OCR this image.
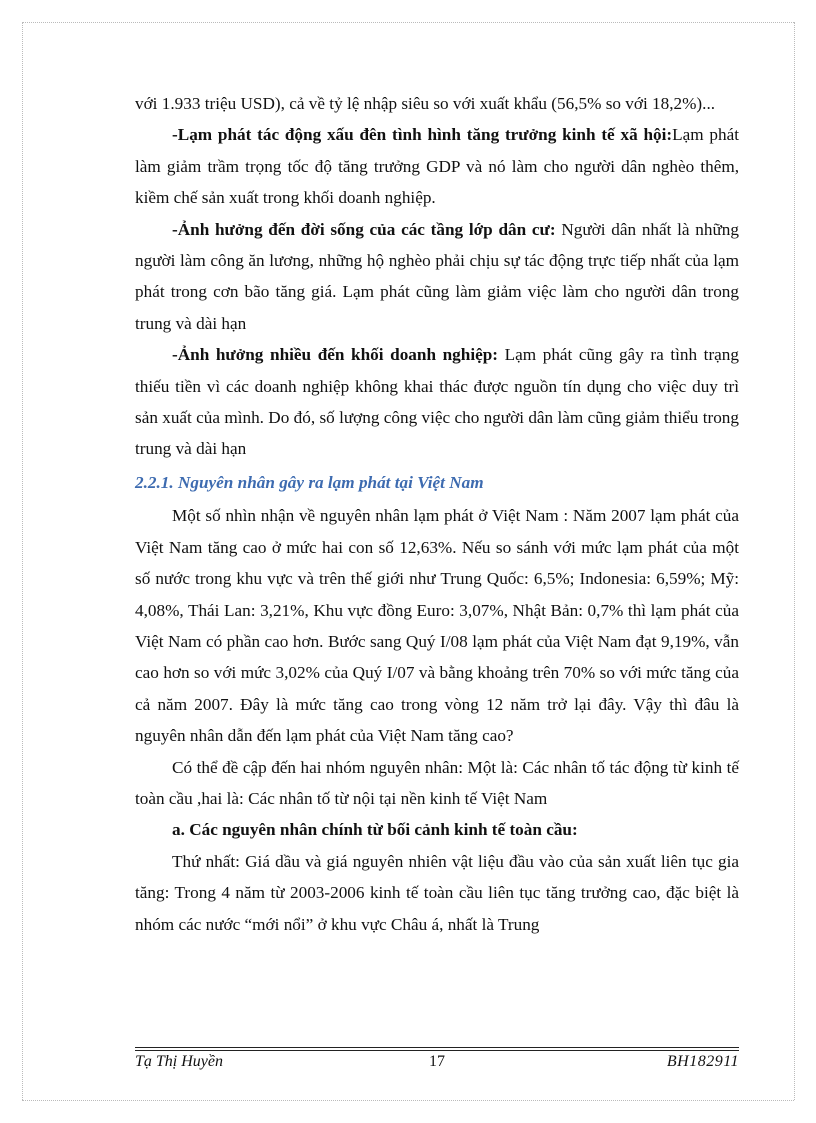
với 1.933 triệu USD), cả về tỷ lệ nhập siêu so với xuất khẩu (56,5% so với 18,2%)...

-Lạm phát tác động xấu đên tình hình tăng trưởng kinh tế xã hội:Lạm phát làm giảm trầm trọng tốc độ tăng trưởng GDP và nó làm cho người dân nghèo thêm, kiềm chế sản xuất trong khối doanh nghiệp.

-Ảnh hưởng đến đời sống của các tầng lớp dân cư: Người dân nhất là những người làm công ăn lương, những hộ nghèo phải chịu sự tác động trực tiếp nhất của lạm phát trong cơn bão tăng giá. Lạm phát cũng làm giảm việc làm cho người dân trong trung và dài hạn

-Ảnh hưởng nhiều đến khối doanh nghiệp: Lạm phát cũng gây ra tình trạng thiếu tiền vì các doanh nghiệp không khai thác được nguồn tín dụng cho việc duy trì sản xuất của mình. Do đó, số lượng công việc cho người dân làm cũng giảm thiểu trong trung và dài hạn

2.2.1. Nguyên nhân gây ra lạm phát tại Việt Nam

Một số nhìn nhận về nguyên nhân lạm phát ở Việt Nam : Năm 2007 lạm phát của Việt Nam tăng cao ở mức hai con số 12,63%. Nếu so sánh với mức lạm phát của một số nước trong khu vực và trên thế giới như Trung Quốc: 6,5%; Indonesia: 6,59%; Mỹ: 4,08%, Thái Lan: 3,21%, Khu vực đồng Euro: 3,07%, Nhật Bản: 0,7% thì lạm phát của Việt Nam có phần cao hơn. Bước sang Quý I/08 lạm phát của Việt Nam đạt 9,19%, vẫn cao hơn so với mức 3,02% của Quý I/07 và bằng khoảng trên 70% so với mức tăng của cả năm 2007. Đây là mức tăng cao trong vòng 12 năm trở lại đây. Vậy thì đâu là nguyên nhân dẫn đến lạm phát của Việt Nam tăng cao?

Có thể đề cập đến hai nhóm nguyên nhân: Một là: Các nhân tố tác động từ kinh tế toàn cầu ,hai là: Các nhân tố từ nội tại nền kinh tế Việt Nam

a. Các nguyên nhân chính từ bối cảnh kinh tế toàn cầu:

Thứ nhất: Giá dầu và giá nguyên nhiên vật liệu đầu vào của sản xuất liên tục gia tăng: Trong 4 năm từ 2003-2006 kinh tế toàn cầu liên tục tăng trưởng cao, đặc biệt là nhóm các nước “mới nổi” ở khu vực Châu á, nhất là Trung

Tạ Thị Huyền	17	BH182911
